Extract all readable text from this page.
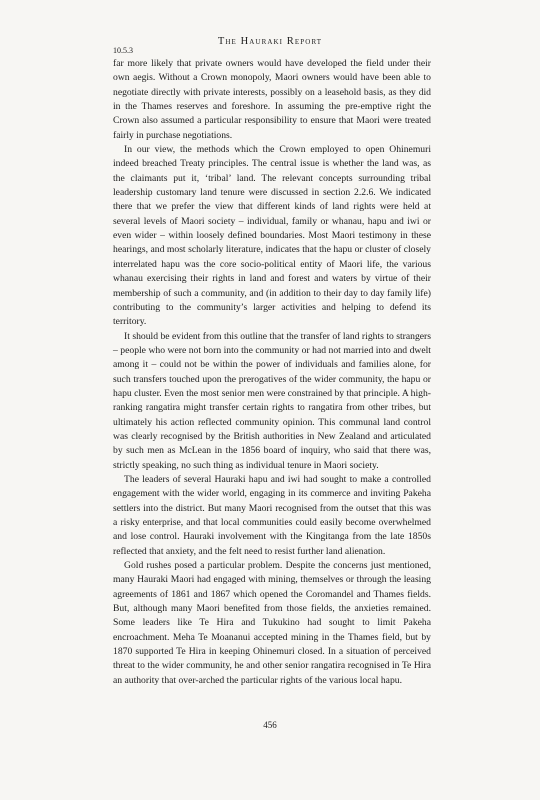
The Hauraki Report
10.5.3

far more likely that private owners would have developed the field under their own aegis. Without a Crown monopoly, Maori owners would have been able to negotiate directly with private interests, possibly on a leasehold basis, as they did in the Thames reserves and foreshore. In assuming the pre-emptive right the Crown also assumed a particular responsibility to ensure that Maori were treated fairly in purchase negotiations.

In our view, the methods which the Crown employed to open Ohinemuri indeed breached Treaty principles. The central issue is whether the land was, as the claimants put it, ‘tribal’ land. The relevant concepts surrounding tribal leadership customary land tenure were discussed in section 2.2.6. We indicated there that we prefer the view that different kinds of land rights were held at several levels of Maori society – individual, family or whanau, hapu and iwi or even wider – within loosely defined boundaries. Most Maori testimony in these hearings, and most scholarly literature, indicates that the hapu or cluster of closely interrelated hapu was the core socio-political entity of Maori life, the various whanau exercising their rights in land and forest and waters by virtue of their membership of such a community, and (in addition to their day to day family life) contributing to the community’s larger activities and helping to defend its territory.

It should be evident from this outline that the transfer of land rights to strangers – people who were not born into the community or had not married into and dwelt among it – could not be within the power of individuals and families alone, for such transfers touched upon the prerogatives of the wider community, the hapu or hapu cluster. Even the most senior men were constrained by that principle. A high-ranking rangatira might transfer certain rights to rangatira from other tribes, but ultimately his action reflected community opinion. This communal land control was clearly recognised by the British authorities in New Zealand and articulated by such men as McLean in the 1856 board of inquiry, who said that there was, strictly speaking, no such thing as individual tenure in Maori society.

The leaders of several Hauraki hapu and iwi had sought to make a controlled engagement with the wider world, engaging in its commerce and inviting Pakeha settlers into the district. But many Maori recognised from the outset that this was a risky enterprise, and that local communities could easily become overwhelmed and lose control. Hauraki involvement with the Kingitanga from the late 1850s reflected that anxiety, and the felt need to resist further land alienation.

Gold rushes posed a particular problem. Despite the concerns just mentioned, many Hauraki Maori had engaged with mining, themselves or through the leasing agreements of 1861 and 1867 which opened the Coromandel and Thames fields. But, although many Maori benefited from those fields, the anxieties remained. Some leaders like Te Hira and Tukukino had sought to limit Pakeha encroachment. Meha Te Moananui accepted mining in the Thames field, but by 1870 supported Te Hira in keeping Ohinemuri closed. In a situation of perceived threat to the wider community, he and other senior rangatira recognised in Te Hira an authority that over-arched the particular rights of the various local hapu.

456
